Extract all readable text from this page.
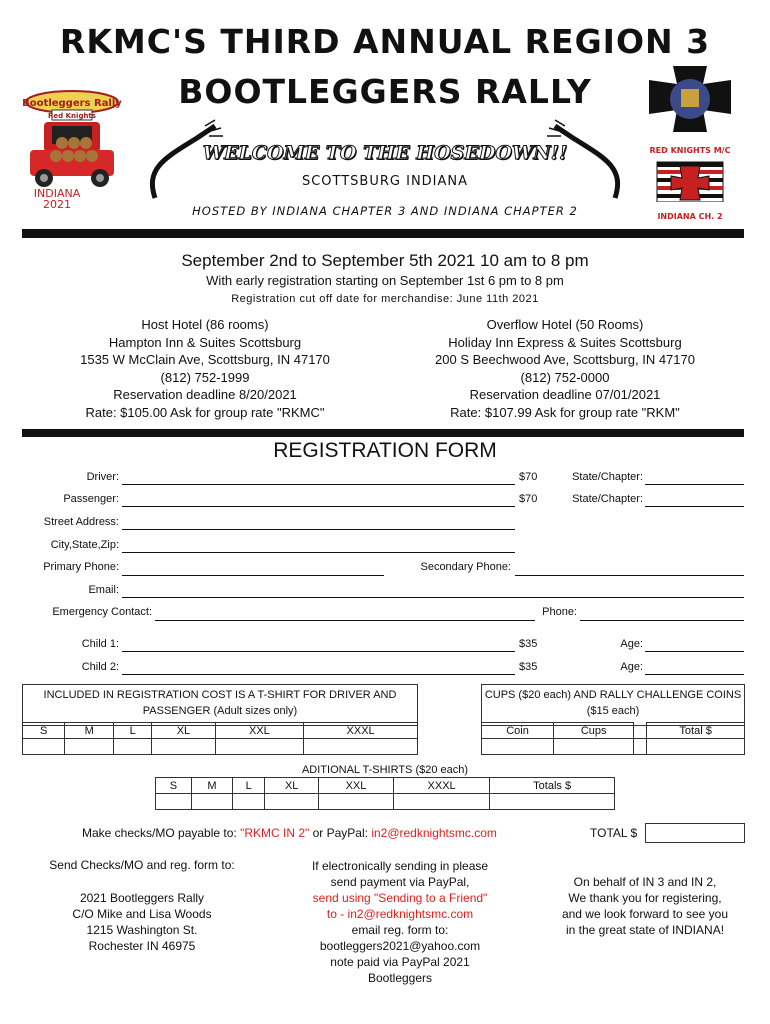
RKMC'S THIRD ANNUAL REGION 3
BOOTLEGGERS RALLY
Bootleggers Rally
Red Knights
INDIANA
2021
WELCOME TO THE HOSEDOWN!!
SCOTTSBURG INDIANA
HOSTED BY INDIANA CHAPTER 3 AND INDIANA CHAPTER 2
RED KNIGHTS M/C
INDIANA CH. 2
September 2nd to September 5th 2021 10 am to 8 pm
With early registration starting on September 1st 6 pm to 8 pm
Registration cut off date for merchandise: June 11th 2021
Host Hotel (86 rooms)
Hampton Inn & Suites Scottsburg
1535 W McClain Ave, Scottsburg, IN 47170
(812) 752-1999
Reservation deadline 8/20/2021
Rate: $105.00 Ask for group rate "RKMC"
Overflow Hotel (50 Rooms)
Holiday Inn Express & Suites Scottsburg
200 S Beechwood Ave, Scottsburg, IN 47170
(812) 752-0000
Reservation deadline 07/01/2021
Rate: $107.99 Ask for group rate "RKM"
REGISTRATION FORM
Driver:	$70	State/Chapter:
Passenger:	$70	State/Chapter:
Street Address:
City,State,Zip:
Primary Phone:	Secondary Phone:
Email:
Emergency Contact:	Phone:
Child 1:	$35	Age:
Child 2:	$35	Age:
INCLUDED IN REGISTRATION COST IS A T-SHIRT FOR DRIVER AND PASSENGER (Adult sizes only)
S	M	L	XL	XXL	XXXL

CUPS ($20 each) AND RALLY CHALLENGE COINS ($15 each)
Coin	Cups		Total $

ADITIONAL T-SHIRTS ($20 each)
S	M	L	XL	XXL	XXXL	Totals $

Make checks/MO payable to: "RKMC IN 2" or PayPal: in2@redknightsmc.com	TOTAL $
Send Checks/MO and reg. form to:
2021 Bootleggers Rally
C/O Mike and Lisa Woods
1215 Washington St.
Rochester IN 46975
If electronically sending in please
send payment via PayPal,
send using "Sending to a Friend"
to - in2@redknightsmc.com
email reg. form to:
bootleggers2021@yahoo.com
note paid via PayPal 2021
Bootleggers
On behalf of IN 3 and IN 2,
We thank you for registering,
and we look forward to see you
in the great state of INDIANA!
